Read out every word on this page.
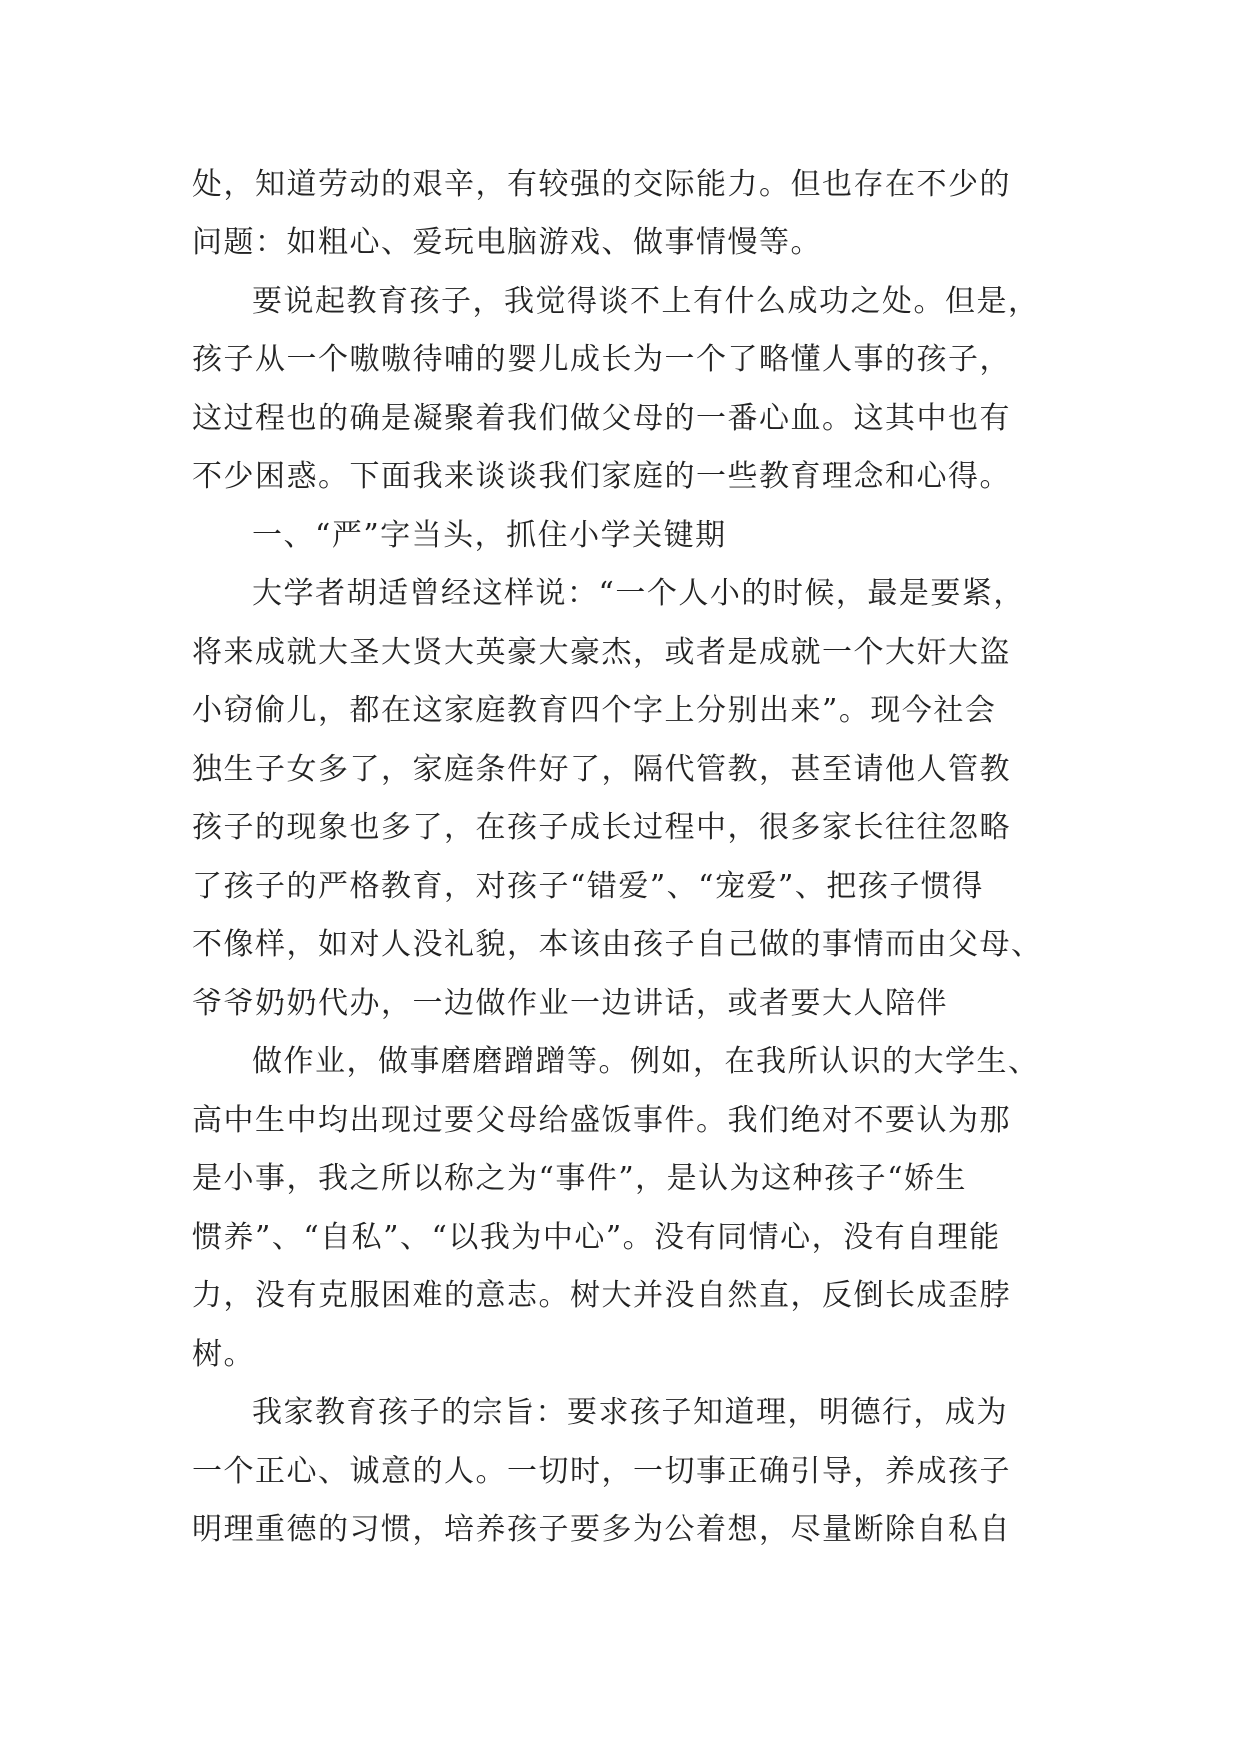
处，知道劳动的艰辛，有较强的交际能力。但也存在不少的
问题：如粗心、爱玩电脑游戏、做事情慢等。
要说起教育孩子，我觉得谈不上有什么成功之处。但是，
孩子从一个嗷嗷待哺的婴儿成长为一个了略懂人事的孩子，
这过程也的确是凝聚着我们做父母的一番心血。这其中也有
不少困惑。下面我来谈谈我们家庭的一些教育理念和心得。
一、“严”字当头，抓住小学关键期
大学者胡适曾经这样说：“一个人小的时候，最是要紧，
将来成就大圣大贤大英豪大豪杰，或者是成就一个大奸大盗
小窃偷儿，都在这家庭教育四个字上分别出来”。现今社会
独生子女多了，家庭条件好了，隔代管教，甚至请他人管教
孩子的现象也多了，在孩子成长过程中，很多家长往往忽略
了孩子的严格教育，对孩子“错爱”、“宠爱”、把孩子惯得
不像样，如对人没礼貌，本该由孩子自己做的事情而由父母、
爷爷奶奶代办，一边做作业一边讲话，或者要大人陪伴
做作业，做事磨磨蹭蹭等。例如，在我所认识的大学生、
高中生中均出现过要父母给盛饭事件。我们绝对不要认为那
是小事，我之所以称之为“事件”，是认为这种孩子“娇生
惯养”、“自私”、“以我为中心”。没有同情心，没有自理能
力，没有克服困难的意志。树大并没自然直，反倒长成歪脖
树。
我家教育孩子的宗旨：要求孩子知道理，明德行，成为
一个正心、诚意的人。一切时，一切事正确引导，养成孩子
明理重德的习惯，培养孩子要多为公着想，尽量断除自私自
